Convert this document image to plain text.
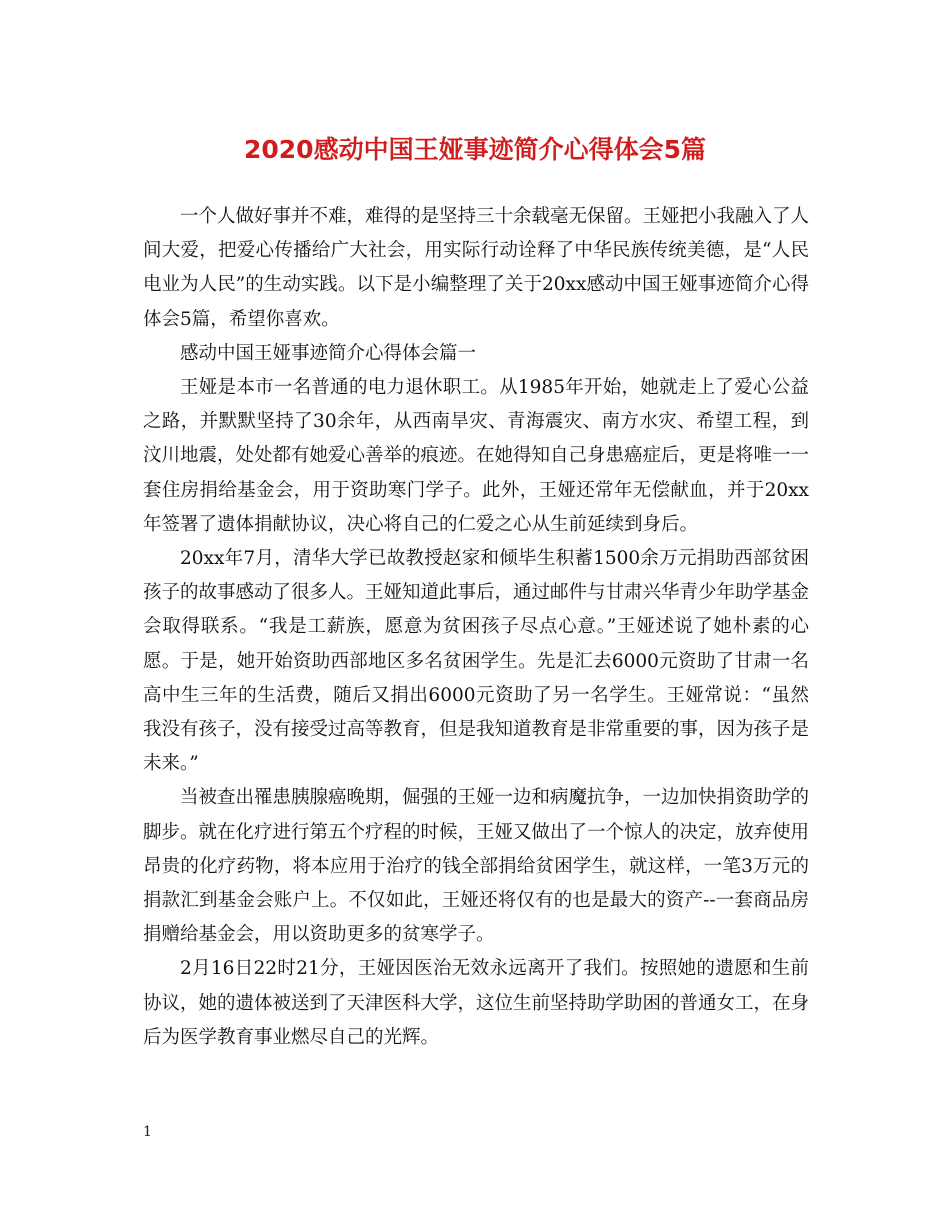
2020感动中国王娅事迹简介心得体会5篇

一个人做好事并不难，难得的是坚持三十余载毫无保留。王娅把小我融入了人间大爱，把爱心传播给广大社会，用实际行动诠释了中华民族传统美德，是“人民电业为人民”的生动实践。以下是小编整理了关于20xx感动中国王娅事迹简介心得体会5篇，希望你喜欢。

感动中国王娅事迹简介心得体会篇一

王娅是本市一名普通的电力退休职工。从1985年开始，她就走上了爱心公益之路，并默默坚持了30余年，从西南旱灾、青海震灾、南方水灾、希望工程，到汶川地震，处处都有她爱心善举的痕迹。在她得知自己身患癌症后，更是将唯一一套住房捐给基金会，用于资助寒门学子。此外，王娅还常年无偿献血，并于20xx年签署了遗体捐献协议，决心将自己的仁爱之心从生前延续到身后。

20xx年7月，清华大学已故教授赵家和倾毕生积蓄1500余万元捐助西部贫困孩子的故事感动了很多人。王娅知道此事后，通过邮件与甘肃兴华青少年助学基金会取得联系。“我是工薪族，愿意为贫困孩子尽点心意。”王娅述说了她朴素的心愿。于是，她开始资助西部地区多名贫困学生。先是汇去6000元资助了甘肃一名高中生三年的生活费，随后又捐出6000元资助了另一名学生。王娅常说：“虽然我没有孩子，没有接受过高等教育，但是我知道教育是非常重要的事，因为孩子是未来。”

当被查出罹患胰腺癌晚期，倔强的王娅一边和病魔抗争，一边加快捐资助学的脚步。就在化疗进行第五个疗程的时候，王娅又做出了一个惊人的决定，放弃使用昂贵的化疗药物，将本应用于治疗的钱全部捐给贫困学生，就这样，一笔3万元的捐款汇到基金会账户上。不仅如此，王娅还将仅有的也是最大的资产--一套商品房捐赠给基金会，用以资助更多的贫寒学子。

2月16日22时21分，王娅因医治无效永远离开了我们。按照她的遗愿和生前协议，她的遗体被送到了天津医科大学，这位生前坚持助学助困的普通女工，在身后为医学教育事业燃尽自己的光辉。

1
